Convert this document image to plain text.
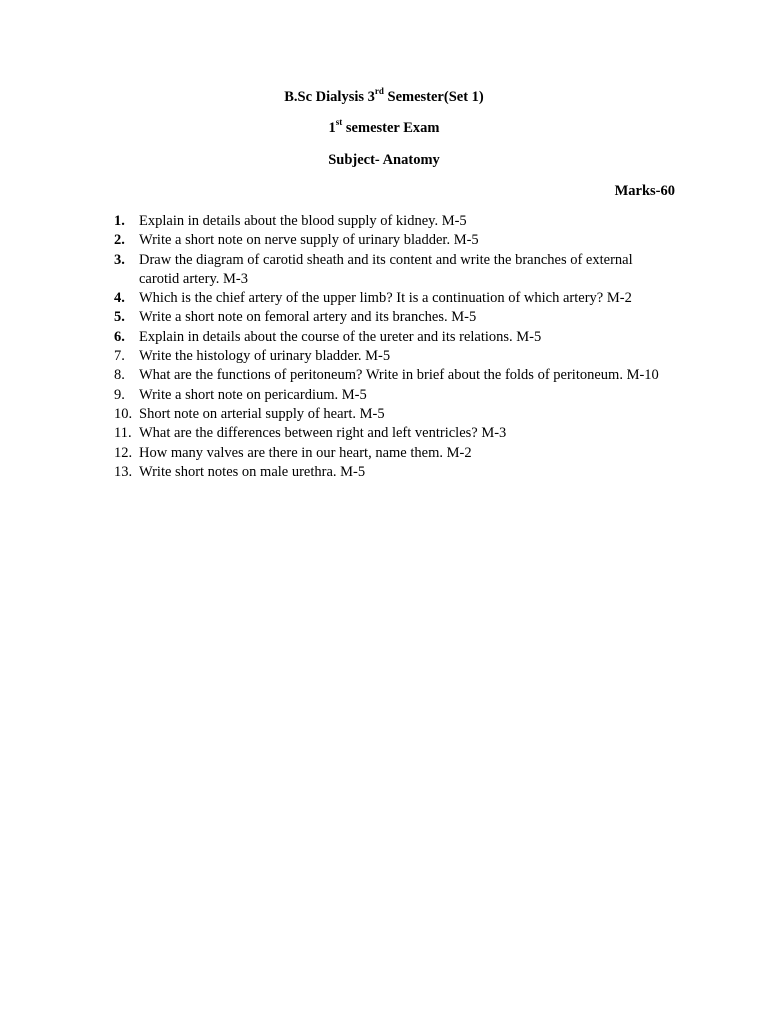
B.Sc Dialysis 3rd Semester(Set 1)
1st semester Exam
Subject- Anatomy
Marks-60
1. Explain in details about the blood supply of kidney. M-5
2. Write a short note on nerve supply of urinary bladder. M-5
3. Draw the diagram of carotid sheath and its content and write the branches of external carotid artery. M-3
4. Which is the chief artery of the upper limb? It is a continuation of which artery? M-2
5. Write a short note on femoral artery and its branches. M-5
6. Explain in details about the course of the ureter and its relations. M-5
7. Write the histology of urinary bladder. M-5
8. What are the functions of peritoneum? Write in brief about the folds of peritoneum. M-10
9. Write a short note on pericardium. M-5
10. Short note on arterial supply of heart. M-5
11. What are the differences between right and left ventricles? M-3
12. How many valves are there in our heart, name them. M-2
13. Write short notes on male urethra. M-5
